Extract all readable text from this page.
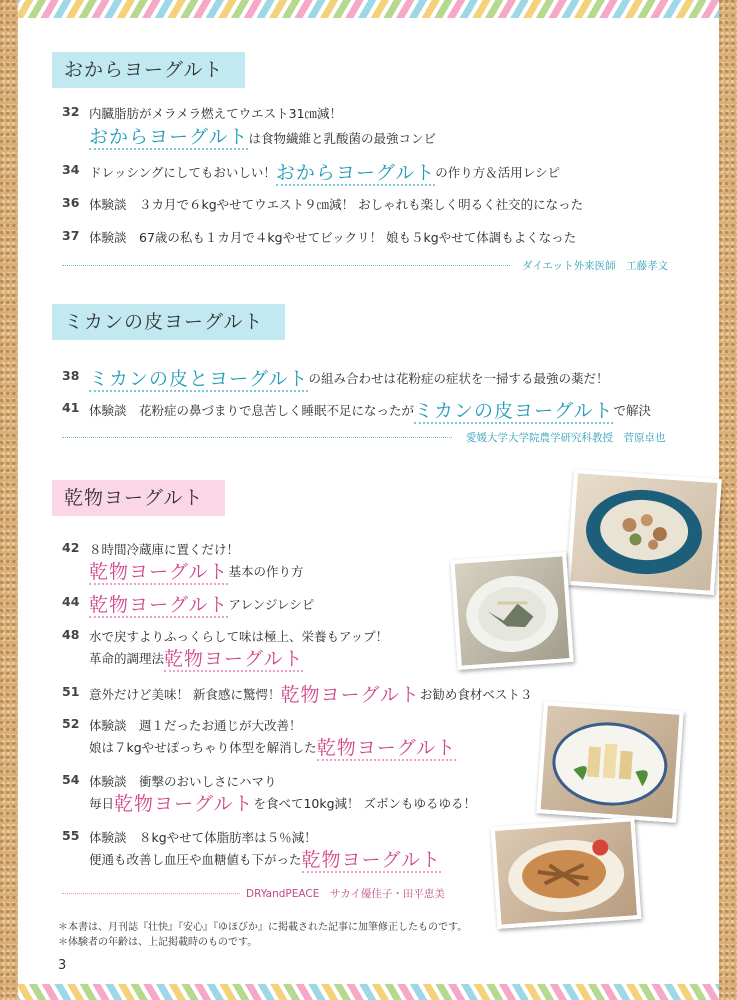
おからヨーグルト
32 内臓脂肪がメラメラ燃えてウエスト31㎝減！
おからヨーグルトは食物繊維と乳酸菌の最強コンビ
34 ドレッシングにしてもおいしい！おからヨーグルトの作り方＆活用レシピ
36 体験談　３カ月で６kgやせてウエスト９㎝減！ おしゃれも楽しく明るく社交的になった
37 体験談　67歳の私も１カ月で４kgやせてビックリ！ 娘も５kgやせて体調もよくなった
ダイエット外来医師　工藤孝文
ミカンの皮ヨーグルト
38 ミカンの皮とヨーグルトの組み合わせは花粉症の症状を一掃する最強の薬だ！
41 体験談　花粉症の鼻づまりで息苦しく睡眠不足になったがミカンの皮ヨーグルトで解決
愛媛大学大学院農学研究科教授　菅原卓也
乾物ヨーグルト
42 ８時間冷蔵庫に置くだけ！
乾物ヨーグルト基本の作り方
44 乾物ヨーグルトアレンジレシピ
48 水で戻すよりふっくらして味は極上、栄養もアップ！
革命的調理法乾物ヨーグルト
51 意外だけど美味！ 新食感に驚愕！乾物ヨーグルトお勧め食材ベスト３
52 体験談　週１だったお通じが大改善！
娘は７kgやせぽっちゃり体型を解消した乾物ヨーグルト
54 体験談　衝撃のおいしさにハマり
毎日乾物ヨーグルトを食べて10kg減！ ズボンもゆるゆる！
55 体験談　８kgやせて体脂肪率は５％減！
便通も改善し血圧や血糖値も下がった乾物ヨーグルト
DRYandPEACE　サカイ優佳子・田平恵美
＊本書は、月刊誌『壮快』『安心』『ゆほびか』に掲載された記事に加筆修正したものです。
＊体験者の年齢は、上記掲載時のものです。
3
